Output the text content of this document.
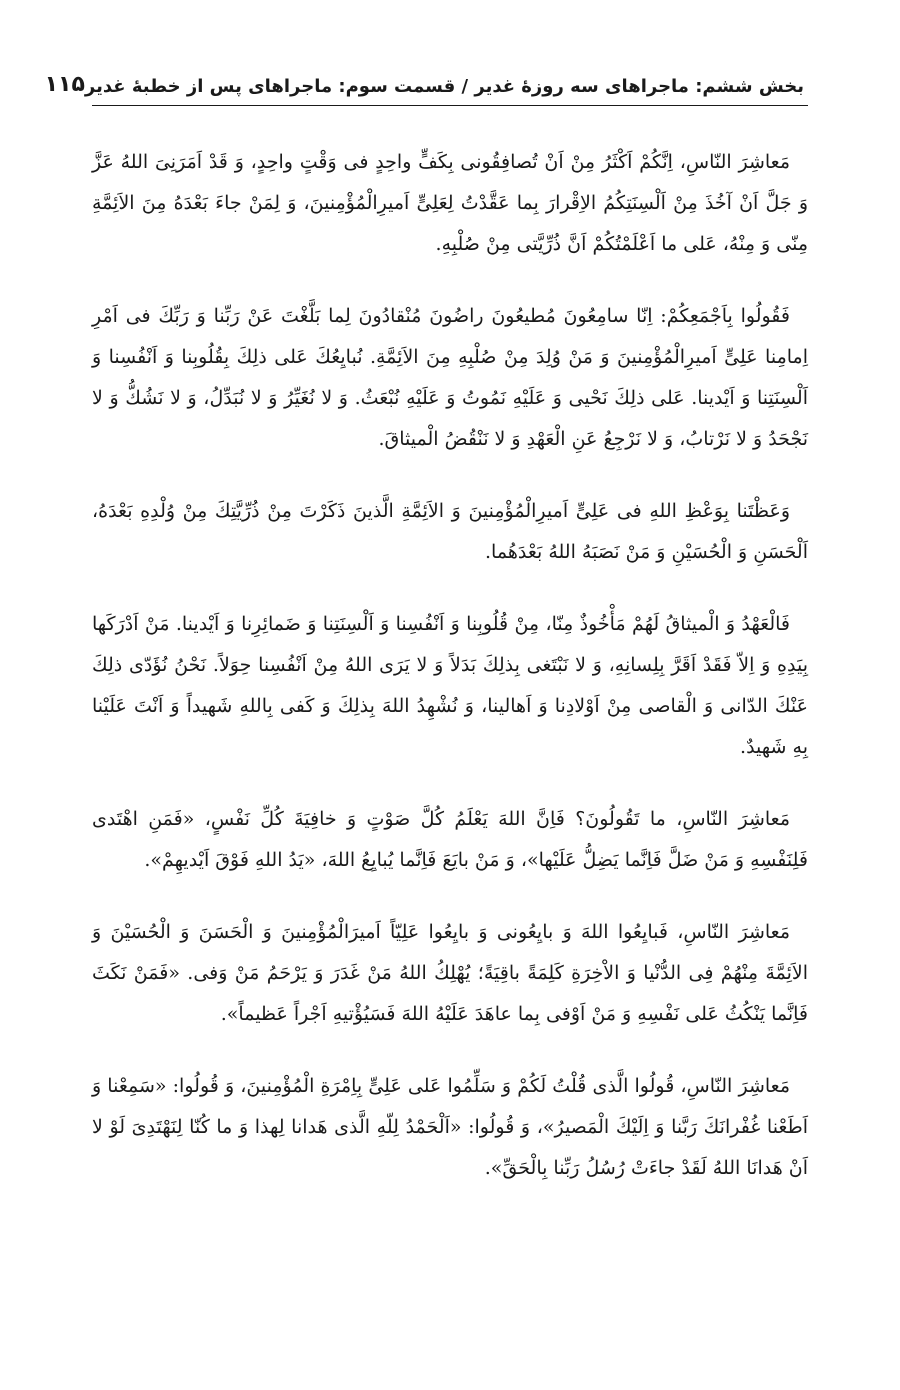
بخش ششم: ماجراهای سه روزهٔ غدیر / قسمت سوم: ماجراهای پس از خطبهٔ غدیر
۱۱۵

مَعاشِرَ النّاسِ، اِنَّكُمْ اَكْثَرُ مِنْ اَنْ تُصافِقُونی بِكَفٍّ واحِدٍ فی وَقْتٍ واحِدٍ، وَ قَدْ اَمَرَنِیَ اللهُ عَزَّ وَ جَلَّ اَنْ آخُذَ مِنْ اَلْسِنَتِكُمُ الاِقْرارَ بِما عَقَّدْتُ لِعَلِیٍّ اَمیرِالْمُؤْمِنینَ، وَ لِمَنْ جاءَ بَعْدَهُ مِنَ الاَئِمَّةِ مِنّی وَ مِنْهُ، عَلی ما اَعْلَمْتُكُمْ اَنَّ ذُرِّیَّتی مِنْ صُلْبِهِ.

فَقُولُوا بِاَجْمَعِكُمْ: اِنّا سامِعُونَ مُطیعُونَ راضُونَ مُنْقادُونَ لِما بَلَّغْتَ عَنْ رَبِّنا وَ رَبِّكَ فی اَمْرِ اِمامِنا عَلِیٍّ اَمیرِالْمُؤْمِنینَ وَ مَنْ وُلِدَ مِنْ صُلْبِهِ مِنَ الاَئِمَّةِ. نُبایِعُكَ عَلی ذلِكَ بِقُلُوبِنا وَ اَنْفُسِنا وَ اَلْسِنَتِنا وَ اَیْدینا. عَلی ذلِكَ نَحْیی وَ عَلَیْهِ نَمُوتُ وَ عَلَیْهِ نُبْعَثُ. وَ لا نُغَیِّرُ وَ لا نُبَدِّلُ، وَ لا نَشُكُّ وَ لا نَجْحَدُ وَ لا نَرْتابُ، وَ لا نَرْجِعُ عَنِ الْعَهْدِ وَ لا نَنْقُضُ الْمیثاقَ.

وَعَظْتَنا بِوَعْظِ اللهِ فی عَلِیٍّ اَمیرِالْمُؤْمِنینَ وَ الاَئِمَّةِ الَّذینَ ذَكَرْتَ مِنْ ذُرِّیَّتِكَ مِنْ وُلْدِهِ بَعْدَهُ، اَلْحَسَنِ وَ الْحُسَیْنِ وَ مَنْ نَصَبَهُ اللهُ بَعْدَهُما.

فَالْعَهْدُ وَ الْمیثاقُ لَهُمْ مَأْخُوذٌ مِنّا، مِنْ قُلُوبِنا وَ اَنْفُسِنا وَ اَلْسِنَتِنا وَ ضَمائِرِنا وَ اَیْدینا. مَنْ اَدْرَكَها بِیَدِهِ وَ اِلاّ فَقَدْ اَقَرَّ بِلِسانِهِ، وَ لا نَبْتَغی بِذلِكَ بَدَلاً وَ لا یَرَی اللهُ مِنْ اَنْفُسِنا حِوَلاً. نَحْنُ نُؤَدّی ذلِكَ عَنْكَ الدّانی وَ الْقاصی مِنْ اَوْلادِنا وَ اَهالینا، وَ نُشْهِدُ اللهَ بِذلِكَ وَ كَفی بِاللهِ شَهیداً وَ اَنْتَ عَلَیْنا بِهِ شَهیدٌ.

مَعاشِرَ النّاسِ، ما تَقُولُونَ؟ فَاِنَّ اللهَ یَعْلَمُ كُلَّ صَوْتٍ وَ خافِیَةَ كُلِّ نَفْسٍ، «فَمَنِ اهْتَدی فَلِنَفْسِهِ وَ مَنْ ضَلَّ فَاِنَّما یَضِلُّ عَلَیْها»، وَ مَنْ بایَعَ فَاِنَّما یُبایِعُ اللهَ، «یَدُ اللهِ فَوْقَ اَیْدیهِمْ».

مَعاشِرَ النّاسِ، فَبایِعُوا اللهَ وَ بایِعُونی وَ بایِعُوا عَلِیّاً اَمیرَالْمُؤْمِنینَ وَ الْحَسَنَ وَ الْحُسَیْنَ وَ الاَئِمَّةَ مِنْهُمْ فِی الدُّنْیا وَ الاْخِرَةِ كَلِمَةً باقِیَةً؛ یُهْلِكُ اللهُ مَنْ غَدَرَ وَ یَرْحَمُ مَنْ وَفی. «فَمَنْ نَكَثَ فَاِنَّما یَنْكُثُ عَلی نَفْسِهِ وَ مَنْ اَوْفی بِما عاهَدَ عَلَیْهُ اللهَ فَسَیُؤْتیهِ اَجْراً عَظیماً».

مَعاشِرَ النّاسِ، قُولُوا الَّذی قُلْتُ لَكُمْ وَ سَلِّمُوا عَلی عَلِیٍّ بِاِمْرَةِ الْمُؤْمِنینَ، وَ قُولُوا: «سَمِعْنا وَ اَطَعْنا غُفْرانَكَ رَبَّنا وَ اِلَیْكَ الْمَصیرُ»، وَ قُولُوا: «اَلْحَمْدُ لِلّهِ الَّذی هَدانا لِهذا وَ ما كُنّا لِنَهْتَدِیَ لَوْ لا اَنْ هَدانَا اللهُ لَقَدْ جاءَتْ رُسُلُ رَبِّنا بِالْحَقِّ».
